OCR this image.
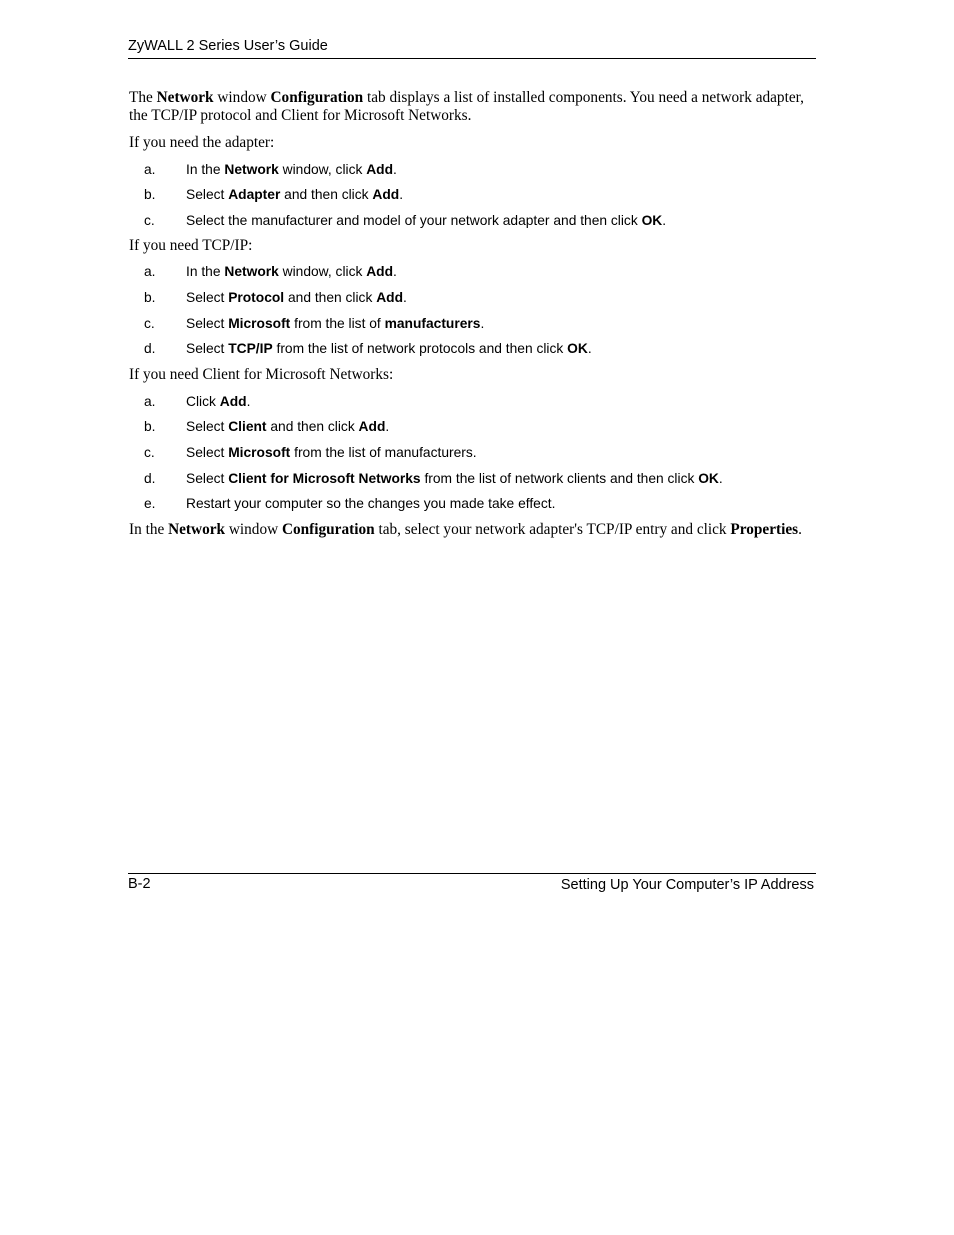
ZyWALL 2 Series User’s Guide

The Network window Configuration tab displays a list of installed components. You need a network adapter, the TCP/IP protocol and Client for Microsoft Networks.

If you need the adapter:

a. In the Network window, click Add.
b. Select Adapter and then click Add.
c. Select the manufacturer and model of your network adapter and then click OK.

If you need TCP/IP:

a. In the Network window, click Add.
b. Select Protocol and then click Add.
c. Select Microsoft from the list of manufacturers.
d. Select TCP/IP from the list of network protocols and then click OK.

If you need Client for Microsoft Networks:

a. Click Add.
b. Select Client and then click Add.
c. Select Microsoft from the list of manufacturers.
d. Select Client for Microsoft Networks from the list of network clients and then click OK.
e. Restart your computer so the changes you made take effect.

In the Network window Configuration tab, select your network adapter's TCP/IP entry and click Properties.

B-2	Setting Up Your Computer’s IP Address
